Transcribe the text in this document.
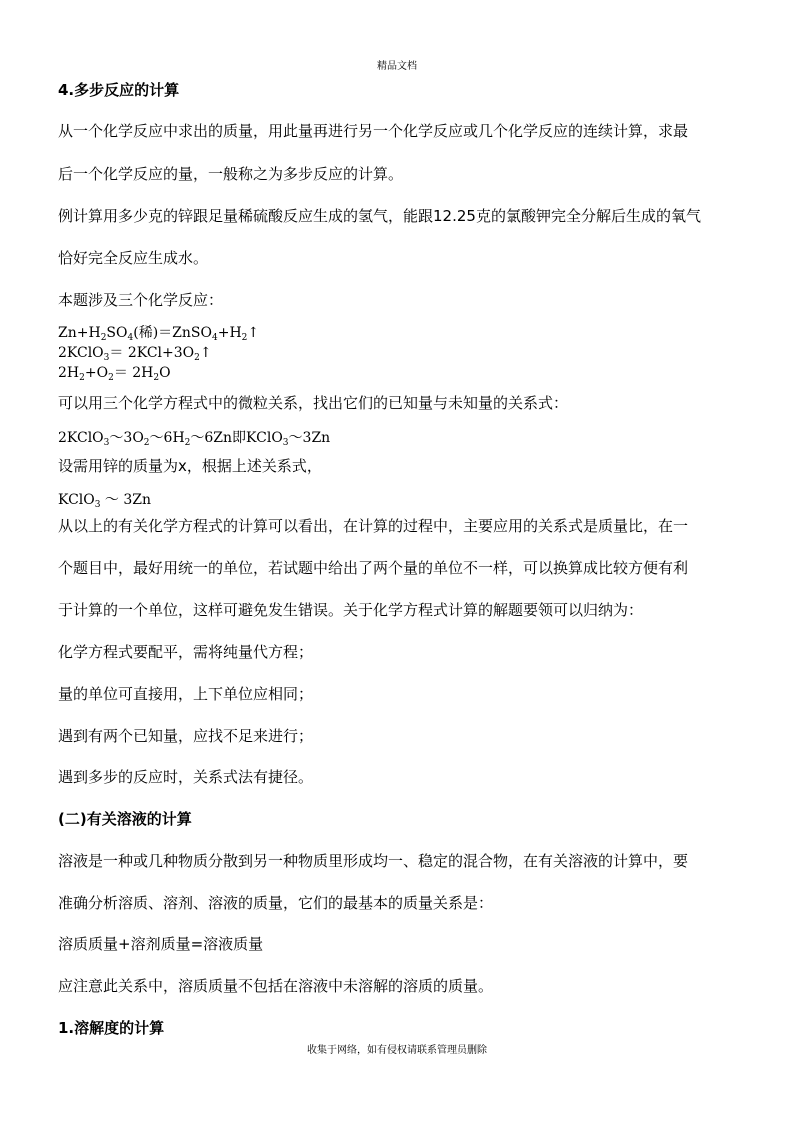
精品文档
4.多步反应的计算
从一个化学反应中求出的质量，用此量再进行另一个化学反应或几个化学反应的连续计算，求最
后一个化学反应的量，一般称之为多步反应的计算。
例计算用多少克的锌跟足量稀硫酸反应生成的氢气，能跟12.25克的氯酸钾完全分解后生成的氧气
恰好完全反应生成水。
本题涉及三个化学反应：
$Zn+H_2SO_4$(稀)$=ZnSO_4+H_2↑$
2KClO$_3$＝ $2KCl+3O_2↑$
$2H_2+O_2= 2H_2O$
可以用三个化学方程式中的微粒关系，找出它们的已知量与未知量的关系式：
$2KClO_3\sim 3O_2\sim 6H_2\sim 6Zn$即KClO$_3$～3Zn
设需用锌的质量为x，根据上述关系式，
KClO$_3$ ～ 3Zn
从以上的有关化学方程式的计算可以看出，在计算的过程中，主要应用的关系式是质量比，在一
个题目中，最好用统一的单位，若试题中给出了两个量的单位不一样，可以换算成比较方便有利
于计算的一个单位，这样可避免发生错误。关于化学方程式计算的解题要领可以归纳为：
化学方程式要配平，需将纯量代方程；
量的单位可直接用，上下单位应相同；
遇到有两个已知量，应找不足来进行；
遇到多步的反应时，关系式法有捷径。
(二)有关溶液的计算
溶液是一种或几种物质分散到另一种物质里形成均一、稳定的混合物，在有关溶液的计算中，要
准确分析溶质、溶剂、溶液的质量，它们的最基本的质量关系是：
溶质质量+溶剂质量=溶液质量
应注意此关系中，溶质质量不包括在溶液中未溶解的溶质的质量。
1.溶解度的计算
收集于网络，如有侵权请联系管理员删除
